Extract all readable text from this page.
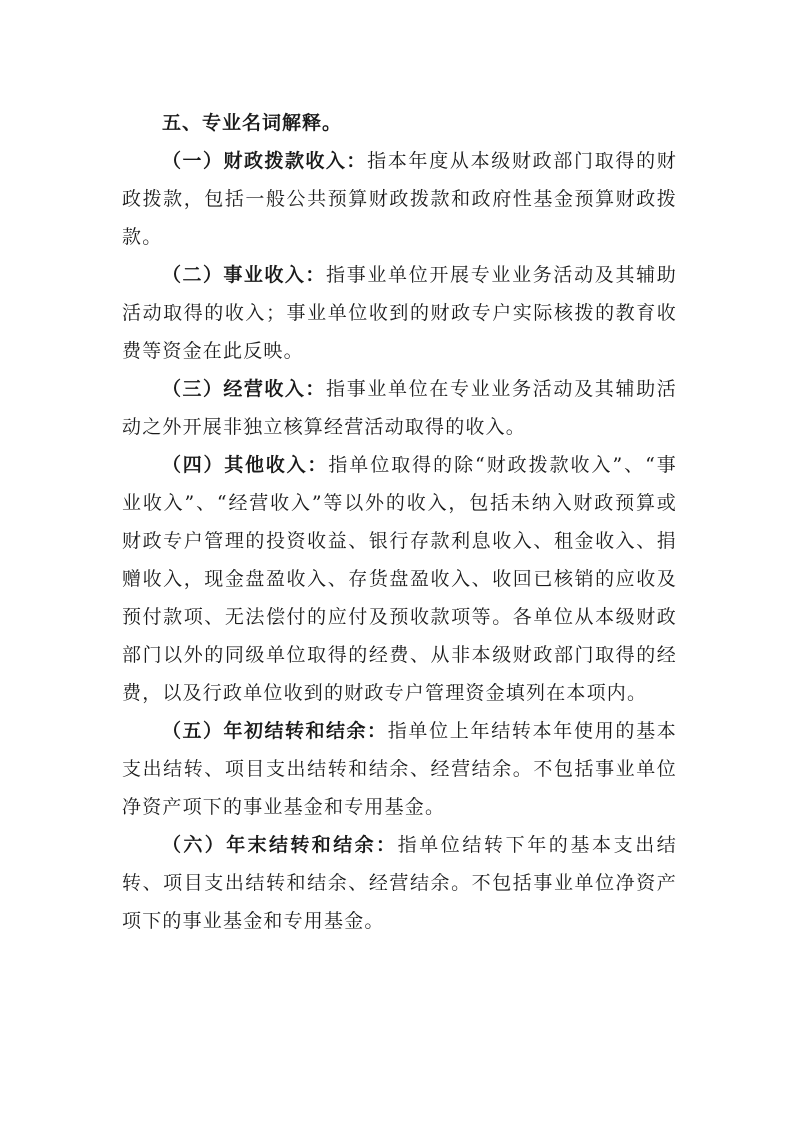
五、专业名词解释。

（一）财政拨款收入：指本年度从本级财政部门取得的财政拨款，包括一般公共预算财政拨款和政府性基金预算财政拨款。

（二）事业收入：指事业单位开展专业业务活动及其辅助活动取得的收入；事业单位收到的财政专户实际核拨的教育收费等资金在此反映。

（三）经营收入：指事业单位在专业业务活动及其辅助活动之外开展非独立核算经营活动取得的收入。

（四）其他收入：指单位取得的除“财政拨款收入”、“事业收入”、“经营收入”等以外的收入，包括未纳入财政预算或财政专户管理的投资收益、银行存款利息收入、租金收入、捐赠收入，现金盘盈收入、存货盘盈收入、收回已核销的应收及预付款项、无法偿付的应付及预收款项等。各单位从本级财政部门以外的同级单位取得的经费、从非本级财政部门取得的经费，以及行政单位收到的财政专户管理资金填列在本项内。

（五）年初结转和结余：指单位上年结转本年使用的基本支出结转、项目支出结转和结余、经营结余。不包括事业单位净资产项下的事业基金和专用基金。

（六）年末结转和结余：指单位结转下年的基本支出结转、项目支出结转和结余、经营结余。不包括事业单位净资产项下的事业基金和专用基金。
